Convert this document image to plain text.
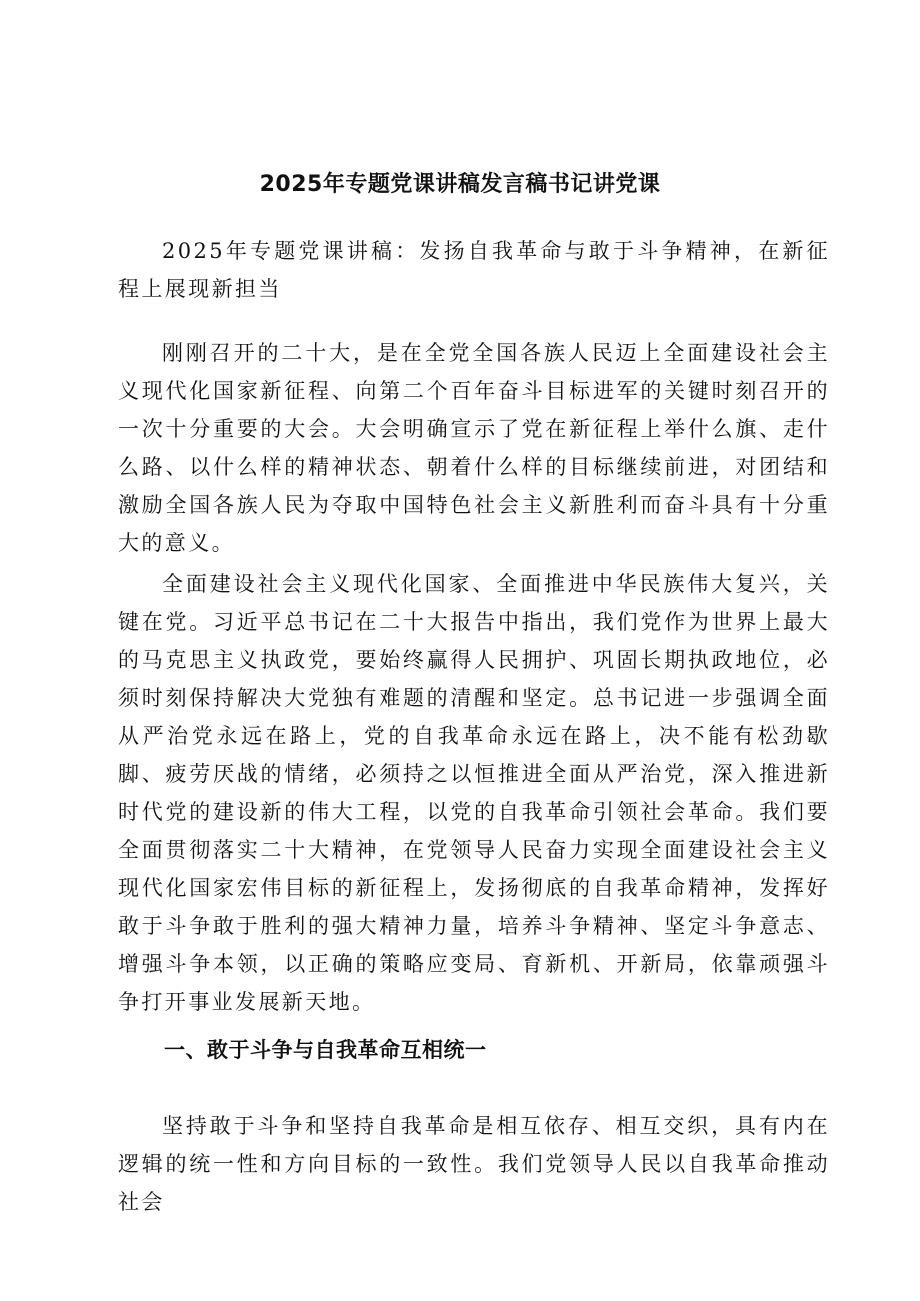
2025年专题党课讲稿发言稿书记讲党课
2025年专题党课讲稿：发扬自我革命与敢于斗争精神，在新征程上展现新担当
刚刚召开的二十大，是在全党全国各族人民迈上全面建设社会主义现代化国家新征程、向第二个百年奋斗目标进军的关键时刻召开的一次十分重要的大会。大会明确宣示了党在新征程上举什么旗、走什么路、以什么样的精神状态、朝着什么样的目标继续前进，对团结和激励全国各族人民为夺取中国特色社会主义新胜利而奋斗具有十分重大的意义。
全面建设社会主义现代化国家、全面推进中华民族伟大复兴，关键在党。习近平总书记在二十大报告中指出，我们党作为世界上最大的马克思主义执政党，要始终赢得人民拥护、巩固长期执政地位，必须时刻保持解决大党独有难题的清醒和坚定。总书记进一步强调全面从严治党永远在路上，党的自我革命永远在路上，决不能有松劲歇脚、疲劳厌战的情绪，必须持之以恒推进全面从严治党，深入推进新时代党的建设新的伟大工程，以党的自我革命引领社会革命。我们要全面贯彻落实二十大精神，在党领导人民奋力实现全面建设社会主义现代化国家宏伟目标的新征程上，发扬彻底的自我革命精神，发挥好敢于斗争敢于胜利的强大精神力量，培养斗争精神、坚定斗争意志、增强斗争本领，以正确的策略应变局、育新机、开新局，依靠顽强斗争打开事业发展新天地。
一、敢于斗争与自我革命互相统一
坚持敢于斗争和坚持自我革命是相互依存、相互交织，具有内在逻辑的统一性和方向目标的一致性。我们党领导人民以自我革命推动社会
